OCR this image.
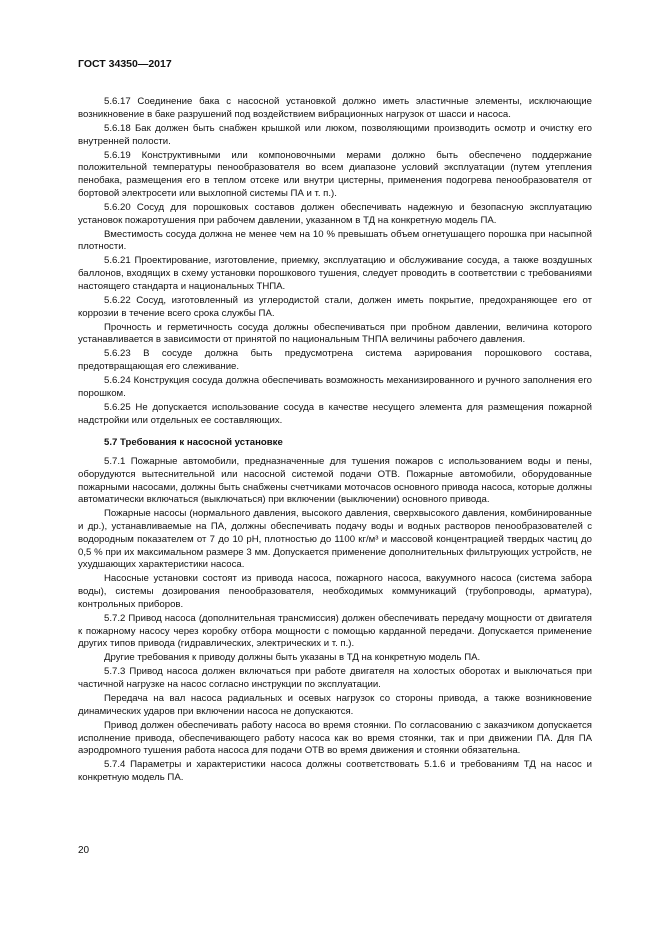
ГОСТ 34350—2017

5.6.17 Соединение бака с насосной установкой должно иметь эластичные элементы, исключающие возникновение в баке разрушений под воздействием вибрационных нагрузок от шасси и насоса.

5.6.18 Бак должен быть снабжен крышкой или люком, позволяющими производить осмотр и очистку его внутренней полости.

5.6.19 Конструктивными или компоновочными мерами должно быть обеспечено поддержание положительной температуры пенообразователя во всем диапазоне условий эксплуатации (путем утепления пенобака, размещения его в теплом отсеке или внутри цистерны, применения подогрева пенообразователя от бортовой электросети или выхлопной системы ПА и т. п.).

5.6.20 Сосуд для порошковых составов должен обеспечивать надежную и безопасную эксплуатацию установок пожаротушения при рабочем давлении, указанном в ТД на конкретную модель ПА.

Вместимость сосуда должна не менее чем на 10 % превышать объем огнетушащего порошка при насыпной плотности.

5.6.21 Проектирование, изготовление, приемку, эксплуатацию и обслуживание сосуда, а также воздушных баллонов, входящих в схему установки порошкового тушения, следует проводить в соответствии с требованиями настоящего стандарта и национальных ТНПА.

5.6.22 Сосуд, изготовленный из углеродистой стали, должен иметь покрытие, предохраняющее его от коррозии в течение всего срока службы ПА.

Прочность и герметичность сосуда должны обеспечиваться при пробном давлении, величина которого устанавливается в зависимости от принятой по национальным ТНПА величины рабочего давления.

5.6.23 В сосуде должна быть предусмотрена система аэрирования порошкового состава, предотвращающая его слеживание.

5.6.24 Конструкция сосуда должна обеспечивать возможность механизированного и ручного заполнения его порошком.

5.6.25 Не допускается использование сосуда в качестве несущего элемента для размещения пожарной надстройки или отдельных ее составляющих.

5.7 Требования к насосной установке

5.7.1 Пожарные автомобили, предназначенные для тушения пожаров с использованием воды и пены, оборудуются вытеснительной или насосной системой подачи ОТВ. Пожарные автомобили, оборудованные пожарными насосами, должны быть снабжены счетчиками моточасов основного привода насоса, которые должны автоматически включаться (выключаться) при включении (выключении) основного привода.

Пожарные насосы (нормального давления, высокого давления, сверхвысокого давления, комбинированные и др.), устанавливаемые на ПА, должны обеспечивать подачу воды и водных растворов пенообразователей с водородным показателем от 7 до 10 pH, плотностью до 1100 кг/м³ и массовой концентрацией твердых частиц до 0,5 % при их максимальном размере 3 мм. Допускается применение дополнительных фильтрующих устройств, не ухудшающих характеристики насоса.

Насосные установки состоят из привода насоса, пожарного насоса, вакуумного насоса (система забора воды), системы дозирования пенообразователя, необходимых коммуникаций (трубопроводы, арматура), контрольных приборов.

5.7.2 Привод насоса (дополнительная трансмиссия) должен обеспечивать передачу мощности от двигателя к пожарному насосу через коробку отбора мощности с помощью карданной передачи. Допускается применение других типов привода (гидравлических, электрических и т. п.).

Другие требования к приводу должны быть указаны в ТД на конкретную модель ПА.

5.7.3 Привод насоса должен включаться при работе двигателя на холостых оборотах и выключаться при частичной нагрузке на насос согласно инструкции по эксплуатации.

Передача на вал насоса радиальных и осевых нагрузок со стороны привода, а также возникновение динамических ударов при включении насоса не допускаются.

Привод должен обеспечивать работу насоса во время стоянки. По согласованию с заказчиком допускается исполнение привода, обеспечивающего работу насоса как во время стоянки, так и при движении ПА. Для ПА аэродромного тушения работа насоса для подачи ОТВ во время движения и стоянки обязательна.

5.7.4 Параметры и характеристики насоса должны соответствовать 5.1.6 и требованиям ТД на насос и конкретную модель ПА.

20
